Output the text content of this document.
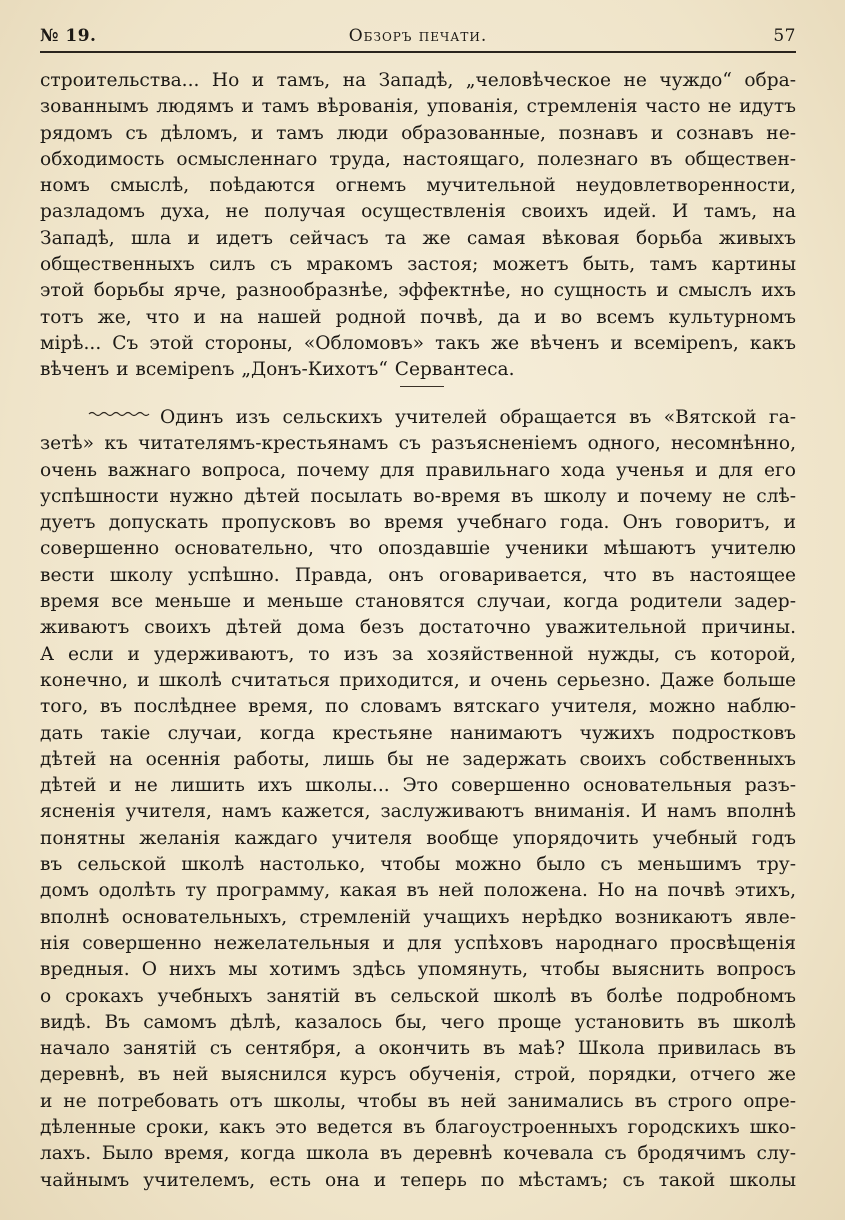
№ 19.	Обзоръ печати.	57
строительства... Но и тамъ, на Западѣ, „человѣческое не чуждо“ обра-
зованнымъ людямъ и тамъ вѣрованія, упованія, стремленія часто не идутъ
рядомъ съ дѣломъ, и тамъ люди образованные, познавъ и сознавъ не-
обходимость осмысленнаго труда, настоящаго, полезнаго въ обществен-
номъ смыслѣ, поѣдаются огнемъ мучительной неудовлетворенности,
разладомъ духа, не получая осуществленія своихъ идей. И тамъ, на
Западѣ, шла и идетъ сейчасъ та же самая вѣковая борьба живыхъ
общественныхъ силъ съ мракомъ застоя; можетъ быть, тамъ картины
этой борьбы ярче, разнообразнѣе, эффектнѣе, но сущность и смыслъ ихъ
тотъ же, что и на нашей родной почвѣ, да и во всемъ культурномъ
мірѣ... Съ этой стороны, «Обломовъ» такъ же вѣченъ и всемірenъ, какъ
вѣченъ и всемірenъ „Донъ-Кихотъ“ Сервантеса.
Одинъ изъ сельскихъ учителей обращается въ «Вятской га-
зетѣ» къ читателямъ-крестьянамъ съ разъясненіемъ одного, несомнѣнно,
очень важнаго вопроса, почему для правильнаго хода ученья и для его
успѣшности нужно дѣтей посылать во-время въ школу и почему не слѣ-
дуетъ допускать пропусковъ во время учебнаго года. Онъ говоритъ, и
совершенно основательно, что опоздавшіе ученики мѣшаютъ учителю
вести школу успѣшно. Правда, онъ оговаривается, что въ настоящее
время все меньше и меньше становятся случаи, когда родители задер-
живаютъ своихъ дѣтей дома безъ достаточно уважительной причины.
А если и удерживаютъ, то изъ за хозяйственной нужды, съ которой,
конечно, и школѣ считаться приходится, и очень серьезно. Даже больше
того, въ послѣднее время, по словамъ вятскаго учителя, можно наблю-
дать такіе случаи, когда крестьяне нанимаютъ чужихъ подростковъ
дѣтей на осеннія работы, лишь бы не задержать своихъ собственныхъ
дѣтей и не лишить ихъ школы... Это совершенно основательныя разъ-
ясненія учителя, намъ кажется, заслуживаютъ вниманія. И намъ вполнѣ
понятны желанія каждаго учителя вообще упорядочить учебный годъ
въ сельской школѣ настолько, чтобы можно было съ меньшимъ тру-
домъ одолѣть ту программу, какая въ ней положена. Но на почвѣ этихъ,
вполнѣ основательныхъ, стремленій учащихъ нерѣдко возникаютъ явле-
нія совершенно нежелательныя и для успѣховъ народнаго просвѣщенія
вредныя. О нихъ мы хотимъ здѣсь упомянуть, чтобы выяснить вопросъ
о срокахъ учебныхъ занятій въ сельской школѣ въ болѣе подробномъ
видѣ. Въ самомъ дѣлѣ, казалось бы, чего проще установить въ школѣ
начало занятій съ сентября, а окончить въ маѣ? Школа привилась въ
деревнѣ, въ ней выяснился курсъ обученія, строй, порядки, отчего же
и не потребовать отъ школы, чтобы въ ней занимались въ строго опре-
дѣленные сроки, какъ это ведется въ благоустроенныхъ городскихъ шко-
лахъ. Было время, когда школа въ деревнѣ кочевала съ бродячимъ слу-
чайнымъ учителемъ, есть она и теперь по мѣстамъ; съ такой школы
